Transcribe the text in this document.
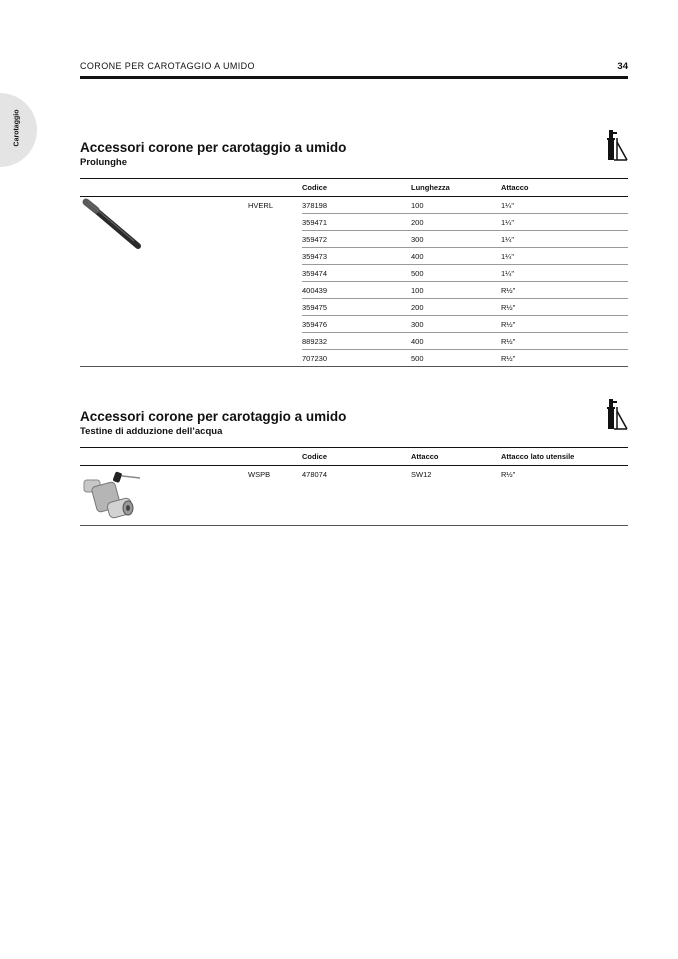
Carotaggio
CORONE PER CAROTAGGIO A UMIDO	34
Accessori corone per carotaggio a umido

Prolunghe

Codice	Lunghezza	Attacco
HVERL	378198	100	1¼"
359471	200	1¼"
359472	300	1¼"
359473	400	1¼"
359474	500	1¼"
400439	100	R½"
359475	200	R½"
359476	300	R½"
889232	400	R½"
707230	500	R½"
Accessori corone per carotaggio a umido

Testine di adduzione dell’acqua

Codice	Attacco	Attacco lato utensile
WSPB	478074	SW12	R½"
